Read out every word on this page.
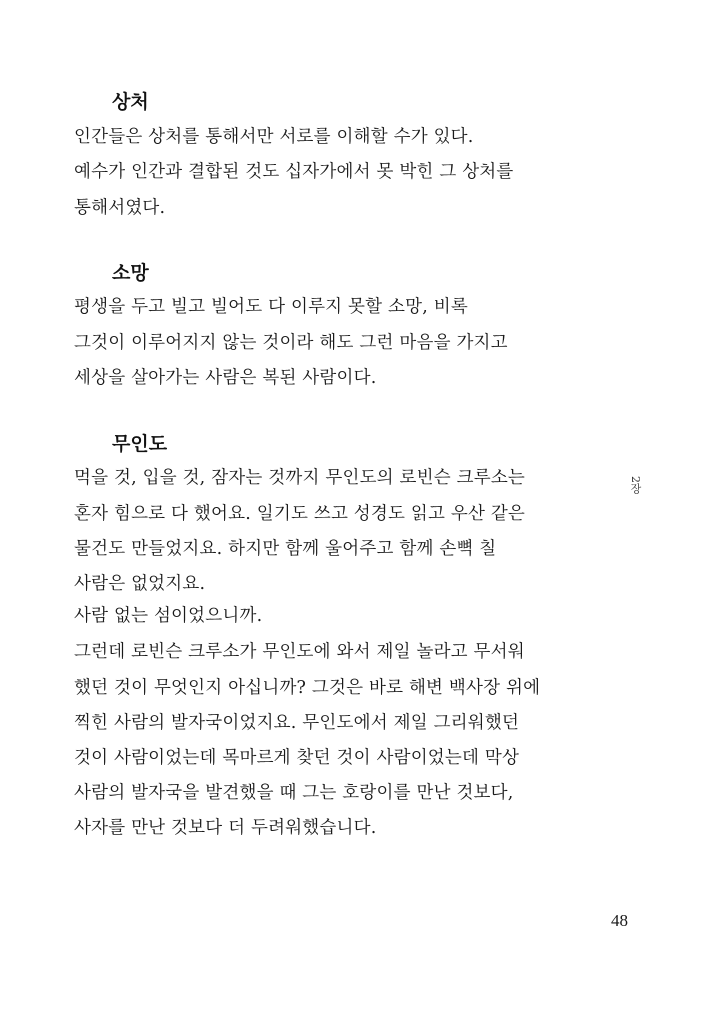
상처
인간들은 상처를 통해서만 서로를 이해할 수가 있다.
예수가 인간과 결합된 것도 십자가에서 못 박힌 그 상처를
통해서였다.
소망
평생을 두고 빌고 빌어도 다 이루지 못할 소망, 비록
그것이 이루어지지 않는 것이라 해도 그런 마음을 가지고
세상을 살아가는 사람은 복된 사람이다.
무인도
먹을 것, 입을 것, 잠자는 것까지 무인도의 로빈슨 크루소는
혼자 힘으로 다 했어요. 일기도 쓰고 성경도 읽고 우산 같은
물건도 만들었지요. 하지만 함께 울어주고 함께 손뼉 칠
사람은 없었지요.
사람 없는 섬이었으니까.
그런데 로빈슨 크루소가 무인도에 와서 제일 놀라고 무서워
했던 것이 무엇인지 아십니까? 그것은 바로 해변 백사장 위에
찍힌 사람의 발자국이었지요. 무인도에서 제일 그리워했던
것이 사람이었는데 목마르게 찾던 것이 사람이었는데 막상
사람의 발자국을 발견했을 때 그는 호랑이를 만난 것보다,
사자를 만난 것보다 더 두려워했습니다.
2장
48
